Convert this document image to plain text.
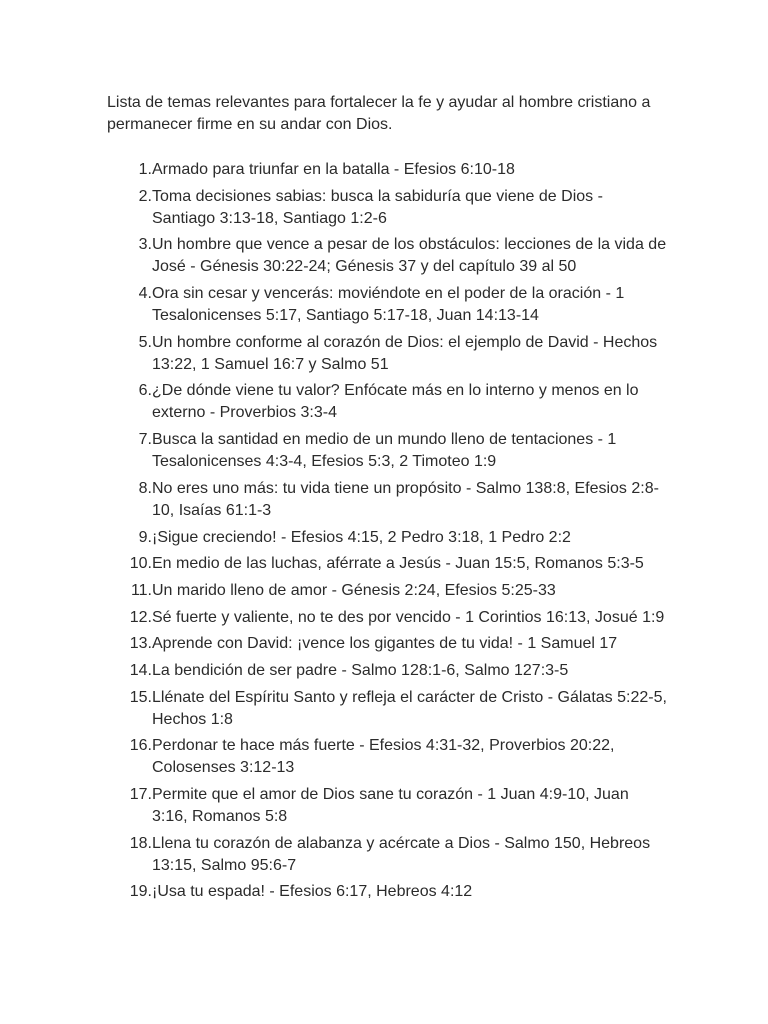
Lista de temas relevantes para fortalecer la fe y ayudar al hombre cristiano a permanecer firme en su andar con Dios.

1. Armado para triunfar en la batalla - Efesios 6:10-18
2. Toma decisiones sabias: busca la sabiduría que viene de Dios - Santiago 3:13-18, Santiago 1:2-6
3. Un hombre que vence a pesar de los obstáculos: lecciones de la vida de José - Génesis 30:22-24; Génesis 37 y del capítulo 39 al 50
4. Ora sin cesar y vencerás: moviéndote en el poder de la oración - 1 Tesalonicenses 5:17, Santiago 5:17-18, Juan 14:13-14
5. Un hombre conforme al corazón de Dios: el ejemplo de David - Hechos 13:22, 1 Samuel 16:7 y Salmo 51
6. ¿De dónde viene tu valor? Enfócate más en lo interno y menos en lo externo - Proverbios 3:3-4
7. Busca la santidad en medio de un mundo lleno de tentaciones - 1 Tesalonicenses 4:3-4, Efesios 5:3, 2 Timoteo 1:9
8. No eres uno más: tu vida tiene un propósito - Salmo 138:8, Efesios 2:8-10, Isaías 61:1-3
9. ¡Sigue creciendo! - Efesios 4:15, 2 Pedro 3:18, 1 Pedro 2:2
10. En medio de las luchas, aférrate a Jesús - Juan 15:5, Romanos 5:3-5
11. Un marido lleno de amor - Génesis 2:24, Efesios 5:25-33
12. Sé fuerte y valiente, no te des por vencido - 1 Corintios 16:13, Josué 1:9
13. Aprende con David: ¡vence los gigantes de tu vida! - 1 Samuel 17
14. La bendición de ser padre - Salmo 128:1-6, Salmo 127:3-5
15. Llénate del Espíritu Santo y refleja el carácter de Cristo - Gálatas 5:22-5, Hechos 1:8
16. Perdonar te hace más fuerte - Efesios 4:31-32, Proverbios 20:22, Colosenses 3:12-13
17. Permite que el amor de Dios sane tu corazón - 1 Juan 4:9-10, Juan 3:16, Romanos 5:8
18. Llena tu corazón de alabanza y acércate a Dios - Salmo 150, Hebreos 13:15, Salmo 95:6-7
19. ¡Usa tu espada! - Efesios 6:17, Hebreos 4:12
